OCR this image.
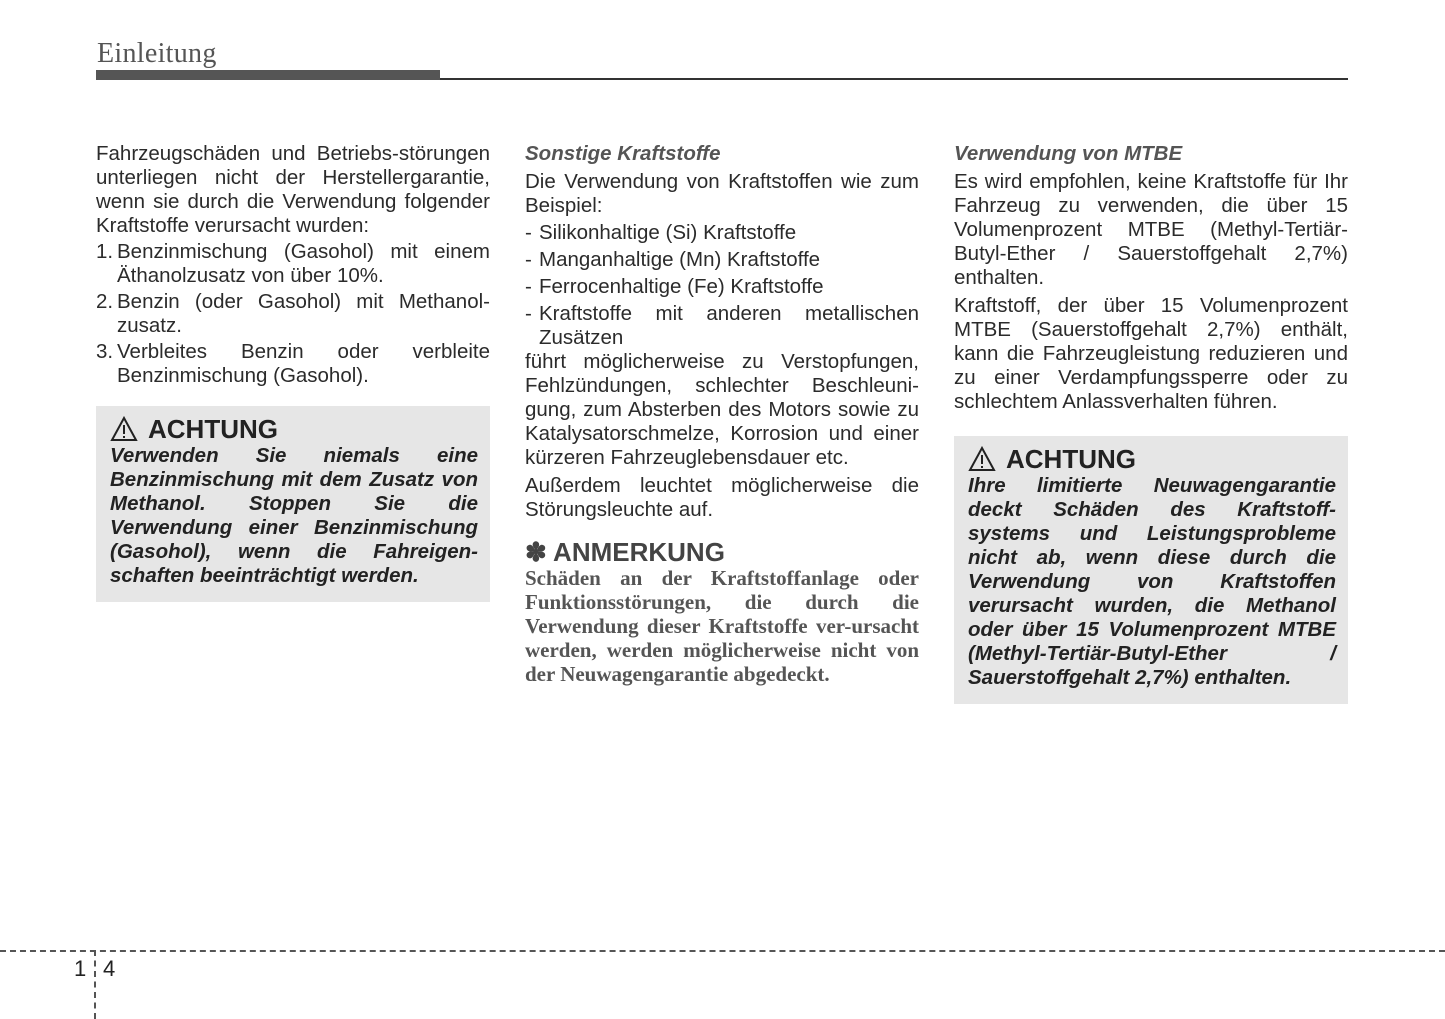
Einleitung

Fahrzeugschäden und Betriebs-störungen unterliegen nicht der Herstellergarantie, wenn sie durch die Verwendung folgender Kraftstoffe verursacht wurden:

1. Benzinmischung (Gasohol) mit einem Äthanolzusatz von über 10%.
2. Benzin (oder Gasohol) mit Methanol-zusatz.
3. Verbleites Benzin oder verbleite Benzinmischung (Gasohol).
ACHTUNG
Verwenden Sie niemals eine Benzinmischung mit dem Zusatz von Methanol. Stoppen Sie die Verwendung einer Benzinmischung (Gasohol), wenn die Fahreigen-schaften beeinträchtigt werden.

Sonstige Kraftstoffe

Die Verwendung von Kraftstoffen wie zum Beispiel:

- Silikonhaltige (Si) Kraftstoffe
- Manganhaltige (Mn) Kraftstoffe
- Ferrocenhaltige (Fe) Kraftstoffe
- Kraftstoffe mit anderen metallischen Zusätzen

führt möglicherweise zu Verstopfungen, Fehlzündungen, schlechter Beschleuni-gung, zum Absterben des Motors sowie zu Katalysatorschmelze, Korrosion und einer kürzeren Fahrzeuglebensdauer etc.

Außerdem leuchtet möglicherweise die Störungsleuchte auf.

✽ ANMERKUNG
Schäden an der Kraftstoffanlage oder Funktionsstörungen, die durch die Verwendung dieser Kraftstoffe ver-ursacht werden, werden möglicherweise nicht von der Neuwagengarantie abgedeckt.

Verwendung von MTBE

Es wird empfohlen, keine Kraftstoffe für Ihr Fahrzeug zu verwenden, die über 15 Volumenprozent MTBE (Methyl-Tertiär-Butyl-Ether / Sauerstoffgehalt 2,7%) enthalten.

Kraftstoff, der über 15 Volumenprozent MTBE (Sauerstoffgehalt 2,7%) enthält, kann die Fahrzeugleistung reduzieren und zu einer Verdampfungssperre oder zu schlechtem Anlassverhalten führen.

ACHTUNG
Ihre limitierte Neuwagengarantie deckt Schäden des Kraftstoff-systems und Leistungsprobleme nicht ab, wenn diese durch die Verwendung von Kraftstoffen verursacht wurden, die Methanol oder über 15 Volumenprozent MTBE (Methyl-Tertiär-Butyl-Ether / Sauerstoffgehalt 2,7%) enthalten.
1 4
